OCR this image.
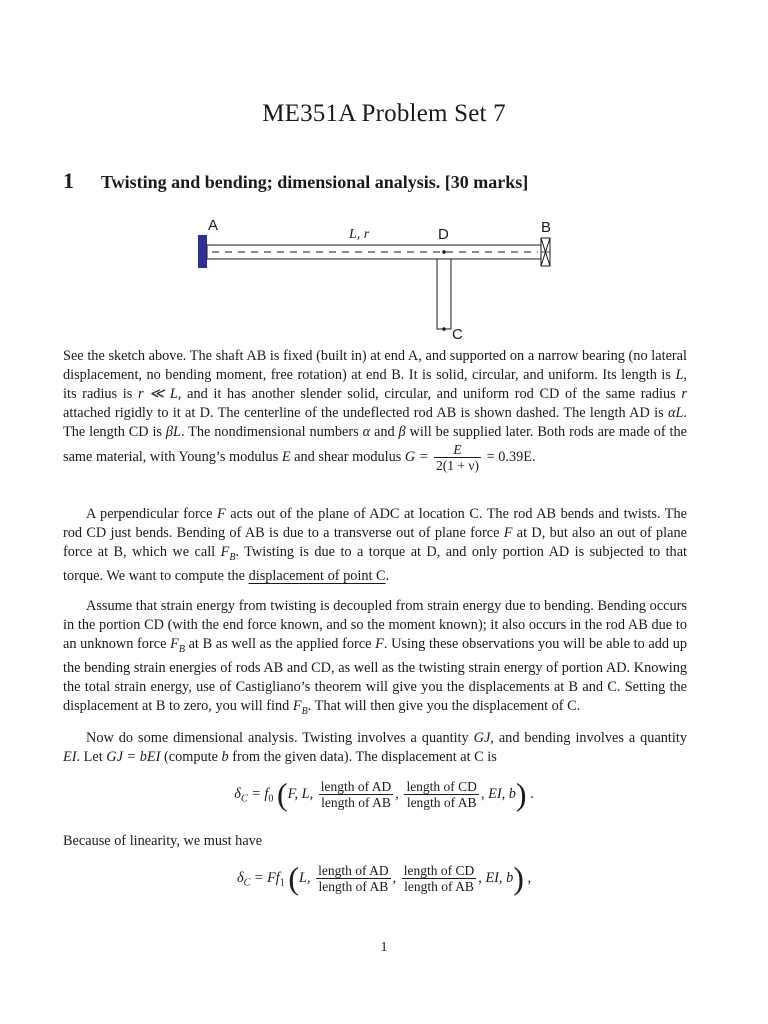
ME351A Problem Set 7
1 Twisting and bending; dimensional analysis. [30 marks]
A	B
D
C
L, r

See the sketch above. The shaft AB is fixed (built in) at end A, and supported on a narrow bearing (no lateral displacement, no bending moment, free rotation) at end B. It is solid, circular, and uniform. Its length is L, its radius is r ≪ L, and it has another slender solid, circular, and uniform rod CD of the same radius r attached rigidly to it at D. The centerline of the undeflected rod AB is shown dashed. The length AD is αL. The length CD is βL. The nondimensional numbers α and β will be supplied later. Both rods are made of the same material, with Young’s modulus E and shear modulus $G = \frac{E}{2(1 + \nu)} = 0.39E$.

A perpendicular force F acts out of the plane of ADC at location C. The rod AB bends and twists. The rod CD just bends. Bending of AB is due to a transverse out of plane force F at D, but also an out of plane force at B, which we call $F_B$. Twisting is due to a torque at D, and only portion AD is subjected to that torque. We want to compute the displacement of point C.

Assume that strain energy from twisting is decoupled from strain energy due to bending. Bending occurs in the portion CD (with the end force known, and so the moment known); it also occurs in the rod AB due to an unknown force $F_B$ at B as well as the applied force F. Using these observations you will be able to add up the bending strain energies of rods AB and CD, as well as the twisting strain energy of portion AD. Knowing the total strain energy, use of Castigliano’s theorem will give you the displacements at B and C. Setting the displacement at B to zero, you will find $F_B$. That will then give you the displacement of C.

Now do some dimensional analysis. Twisting involves a quantity GJ, and bending involves a quantity EI. Let GJ = bEI (compute b from the given data). The displacement at C is

$\delta_C = f_0$ (F, L, $\frac{\text{length of AD}}{\text{length of AB}}$ , $\frac{\text{length of CD}}{\text{length of AB}}$ , EI, b) .

Because of linearity, we must have

$\delta_C = Ff_1$ (L, $\frac{\text{length of AD}}{\text{length of AB}}$ , $\frac{\text{length of CD}}{\text{length of AB}}$ , EI, b) ,
1
